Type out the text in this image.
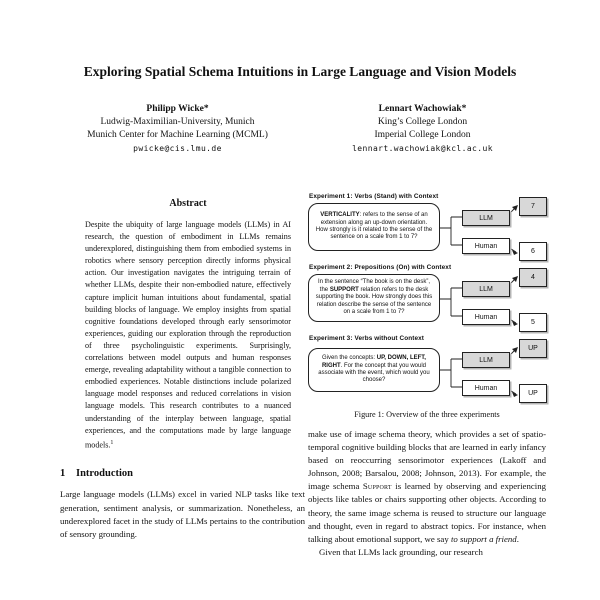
Exploring Spatial Schema Intuitions in Large Language and Vision Models
Philipp Wicke*
Ludwig-Maximilian-University, Munich
Munich Center for Machine Learning (MCML)
pwicke@cis.lmu.de
Lennart Wachowiak*
King’s College London
Imperial College London
lennart.wachowiak@kcl.ac.uk
Abstract
Despite the ubiquity of large language models (LLMs) in AI research, the question of embodiment in LLMs remains underexplored, distinguishing them from embodied systems in robotics where sensory perception directly informs physical action. Our investigation navigates the intriguing terrain of whether LLMs, despite their non-embodied nature, effectively capture implicit human intuitions about fundamental, spatial building blocks of language. We employ insights from spatial cognitive foundations developed through early sensorimotor experiences, guiding our exploration through the reproduction of three psycholinguistic experiments. Surprisingly, correlations between model outputs and human responses emerge, revealing adaptability without a tangible connection to embodied experiences. Notable distinctions include polarized language model responses and reduced correlations in vision language models. This research contributes to a nuanced understanding of the interplay between language, spatial experiences, and the computations made by large language models.$^1$
1 Introduction
Large language models (LLMs) excel in varied NLP tasks like text generation, sentiment analysis, or summarization. Nonetheless, an underexplored facet in the study of LLMs pertains to the contribution of sensory grounding.
Experiment 1: Verbs (Stand) with Context
VERTICALITY: refers to the sense of an extension along an up-down orientation. How strongly is it related to the sense of the sentence on a scale from 1 to 7?
LLM
Human
7
6
Experiment 2: Prepositions (On) with Context
In the sentence “The book is on the desk”, the SUPPORT relation refers to the desk supporting the book. How strongly does this relation describe the sense of the sentence on a scale from 1 to 7?
LLM
Human
4
5
Experiment 3: Verbs without Context
Given the concepts: UP, DOWN, LEFT, RIGHT. For the concept that you would associate with the event, which would you choose?
LLM
Human
UP
UP
Figure 1: Overview of the three experiments
make use of image schema theory, which provides a set of spatio-temporal cognitive building blocks that are learned in early infancy based on reoccurring sensorimotor experiences (Lakoff and Johnson, 2008; Barsalou, 2008; Johnson, 2013). For example, the image schema Support is learned by observing and experiencing objects like tables or chairs supporting other objects. According to theory, the same image schema is reused to structure our language and thought, even in regard to abstract topics. For instance, when talking about emotional support, we say to support a friend.
Given that LLMs lack grounding, our research
